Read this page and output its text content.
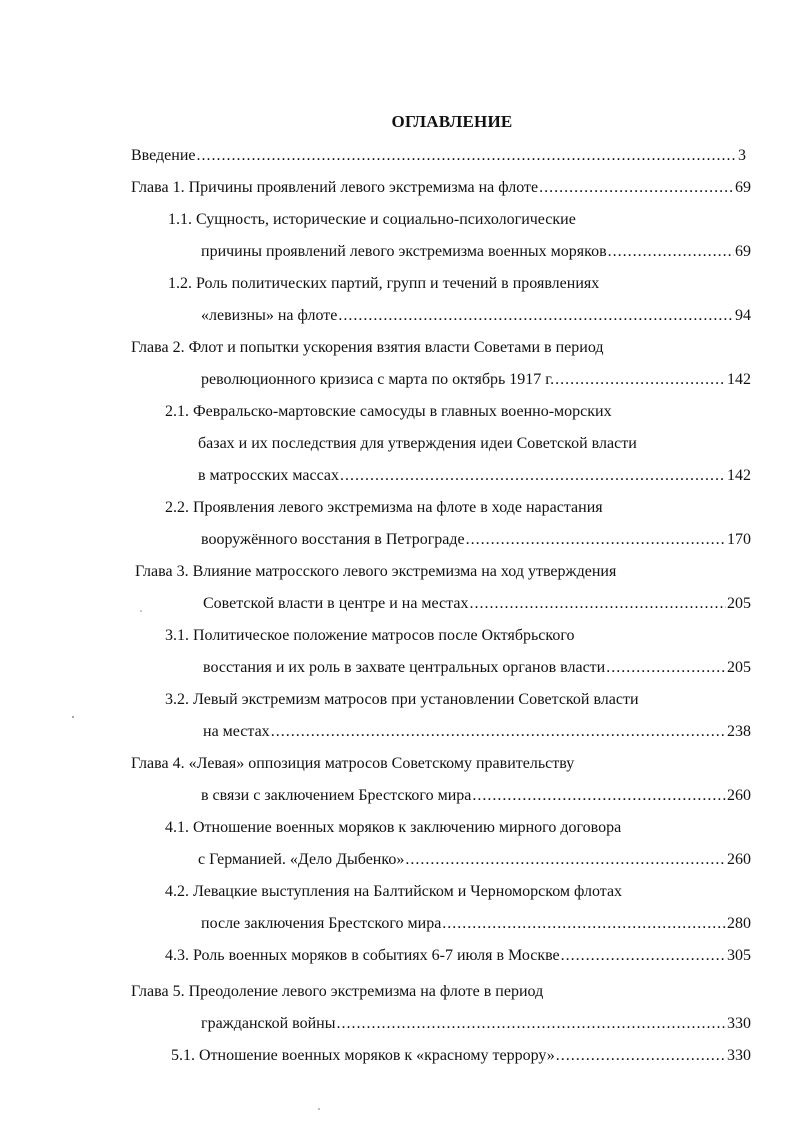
ОГЛАВЛЕНИЕ
Введение .....	3
Глава 1. Причины проявлений левого экстремизма на флоте .....	69
1.1. Сущность, исторические и социально-психологические
причины проявлений левого экстремизма военных моряков .....	69
1.2. Роль политических партий, групп и течений в проявлениях
«левизны» на флоте .....	94
Глава 2. Флот и попытки ускорения взятия власти Советами в период
революционного кризиса с марта по октябрь 1917 г. .....	142
2.1. Февральско-мартовские самосуды в главных военно-морских
базах и их последствия для утверждения идеи Советской власти
в матросских массах .....	142
2.2. Проявления левого экстремизма на флоте в ходе нарастания
вооружённого восстания в Петрограде .....	170
Глава 3. Влияние матросского левого экстремизма на ход утверждения
Советской власти в центре и на местах .....	205
3.1. Политическое положение матросов после Октябрьского
восстания и их роль в захвате центральных органов власти .....	205
3.2. Левый экстремизм матросов при установлении Советской власти
на местах .....	238
Глава 4. «Левая» оппозиция матросов Советскому правительству
в связи с заключением Брестского мира .....	260
4.1. Отношение военных моряков к заключению мирного договора
с Германией. «Дело Дыбенко» .....	260
4.2. Левацкие выступления на Балтийском и Черноморском флотах
после заключения Брестского мира .....	280
4.3. Роль военных моряков в событиях 6-7 июля в Москве .....	305
Глава 5. Преодоление левого экстремизма на флоте в период
гражданской войны .....	330
5.1. Отношение военных моряков к «красному террору» .....	330
